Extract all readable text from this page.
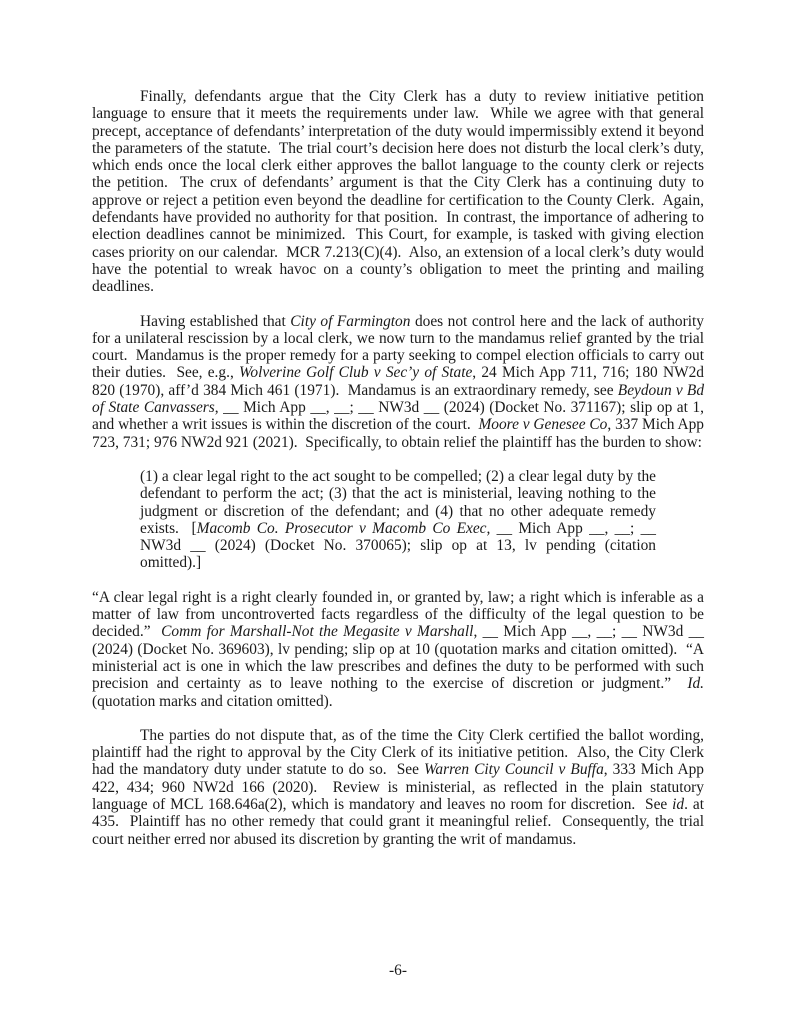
Finally, defendants argue that the City Clerk has a duty to review initiative petition language to ensure that it meets the requirements under law.  While we agree with that general precept, acceptance of defendants’ interpretation of the duty would impermissibly extend it beyond the parameters of the statute.  The trial court’s decision here does not disturb the local clerk’s duty, which ends once the local clerk either approves the ballot language to the county clerk or rejects the petition.  The crux of defendants’ argument is that the City Clerk has a continuing duty to approve or reject a petition even beyond the deadline for certification to the County Clerk.  Again, defendants have provided no authority for that position.  In contrast, the importance of adhering to election deadlines cannot be minimized.  This Court, for example, is tasked with giving election cases priority on our calendar.  MCR 7.213(C)(4).  Also, an extension of a local clerk’s duty would have the potential to wreak havoc on a county’s obligation to meet the printing and mailing deadlines.

Having established that City of Farmington does not control here and the lack of authority for a unilateral rescission by a local clerk, we now turn to the mandamus relief granted by the trial court.  Mandamus is the proper remedy for a party seeking to compel election officials to carry out their duties.  See, e.g., Wolverine Golf Club v Sec’y of State, 24 Mich App 711, 716; 180 NW2d 820 (1970), aff’d 384 Mich 461 (1971).  Mandamus is an extraordinary remedy, see Beydoun v Bd of State Canvassers, __ Mich App __, __; __ NW3d __ (2024) (Docket No. 371167); slip op at 1, and whether a writ issues is within the discretion of the court.  Moore v Genesee Co, 337 Mich App 723, 731; 976 NW2d 921 (2021).  Specifically, to obtain relief the plaintiff has the burden to show:

(1) a clear legal right to the act sought to be compelled; (2) a clear legal duty by the defendant to perform the act; (3) that the act is ministerial, leaving nothing to the judgment or discretion of the defendant; and (4) that no other adequate remedy exists.  [Macomb Co. Prosecutor v Macomb Co Exec, __ Mich App __, __; __ NW3d __ (2024) (Docket No. 370065); slip op at 13, lv pending (citation omitted).]

“A clear legal right is a right clearly founded in, or granted by, law; a right which is inferable as a matter of law from uncontroverted facts regardless of the difficulty of the legal question to be decided.”  Comm for Marshall-Not the Megasite v Marshall, __ Mich App __, __; __ NW3d __ (2024) (Docket No. 369603), lv pending; slip op at 10 (quotation marks and citation omitted).  “A ministerial act is one in which the law prescribes and defines the duty to be performed with such precision and certainty as to leave nothing to the exercise of discretion or judgment.”  Id. (quotation marks and citation omitted).

The parties do not dispute that, as of the time the City Clerk certified the ballot wording, plaintiff had the right to approval by the City Clerk of its initiative petition.  Also, the City Clerk had the mandatory duty under statute to do so.  See Warren City Council v Buffa, 333 Mich App 422, 434; 960 NW2d 166 (2020).  Review is ministerial, as reflected in the plain statutory language of MCL 168.646a(2), which is mandatory and leaves no room for discretion.  See id. at 435.  Plaintiff has no other remedy that could grant it meaningful relief.  Consequently, the trial court neither erred nor abused its discretion by granting the writ of mandamus.

-6-
